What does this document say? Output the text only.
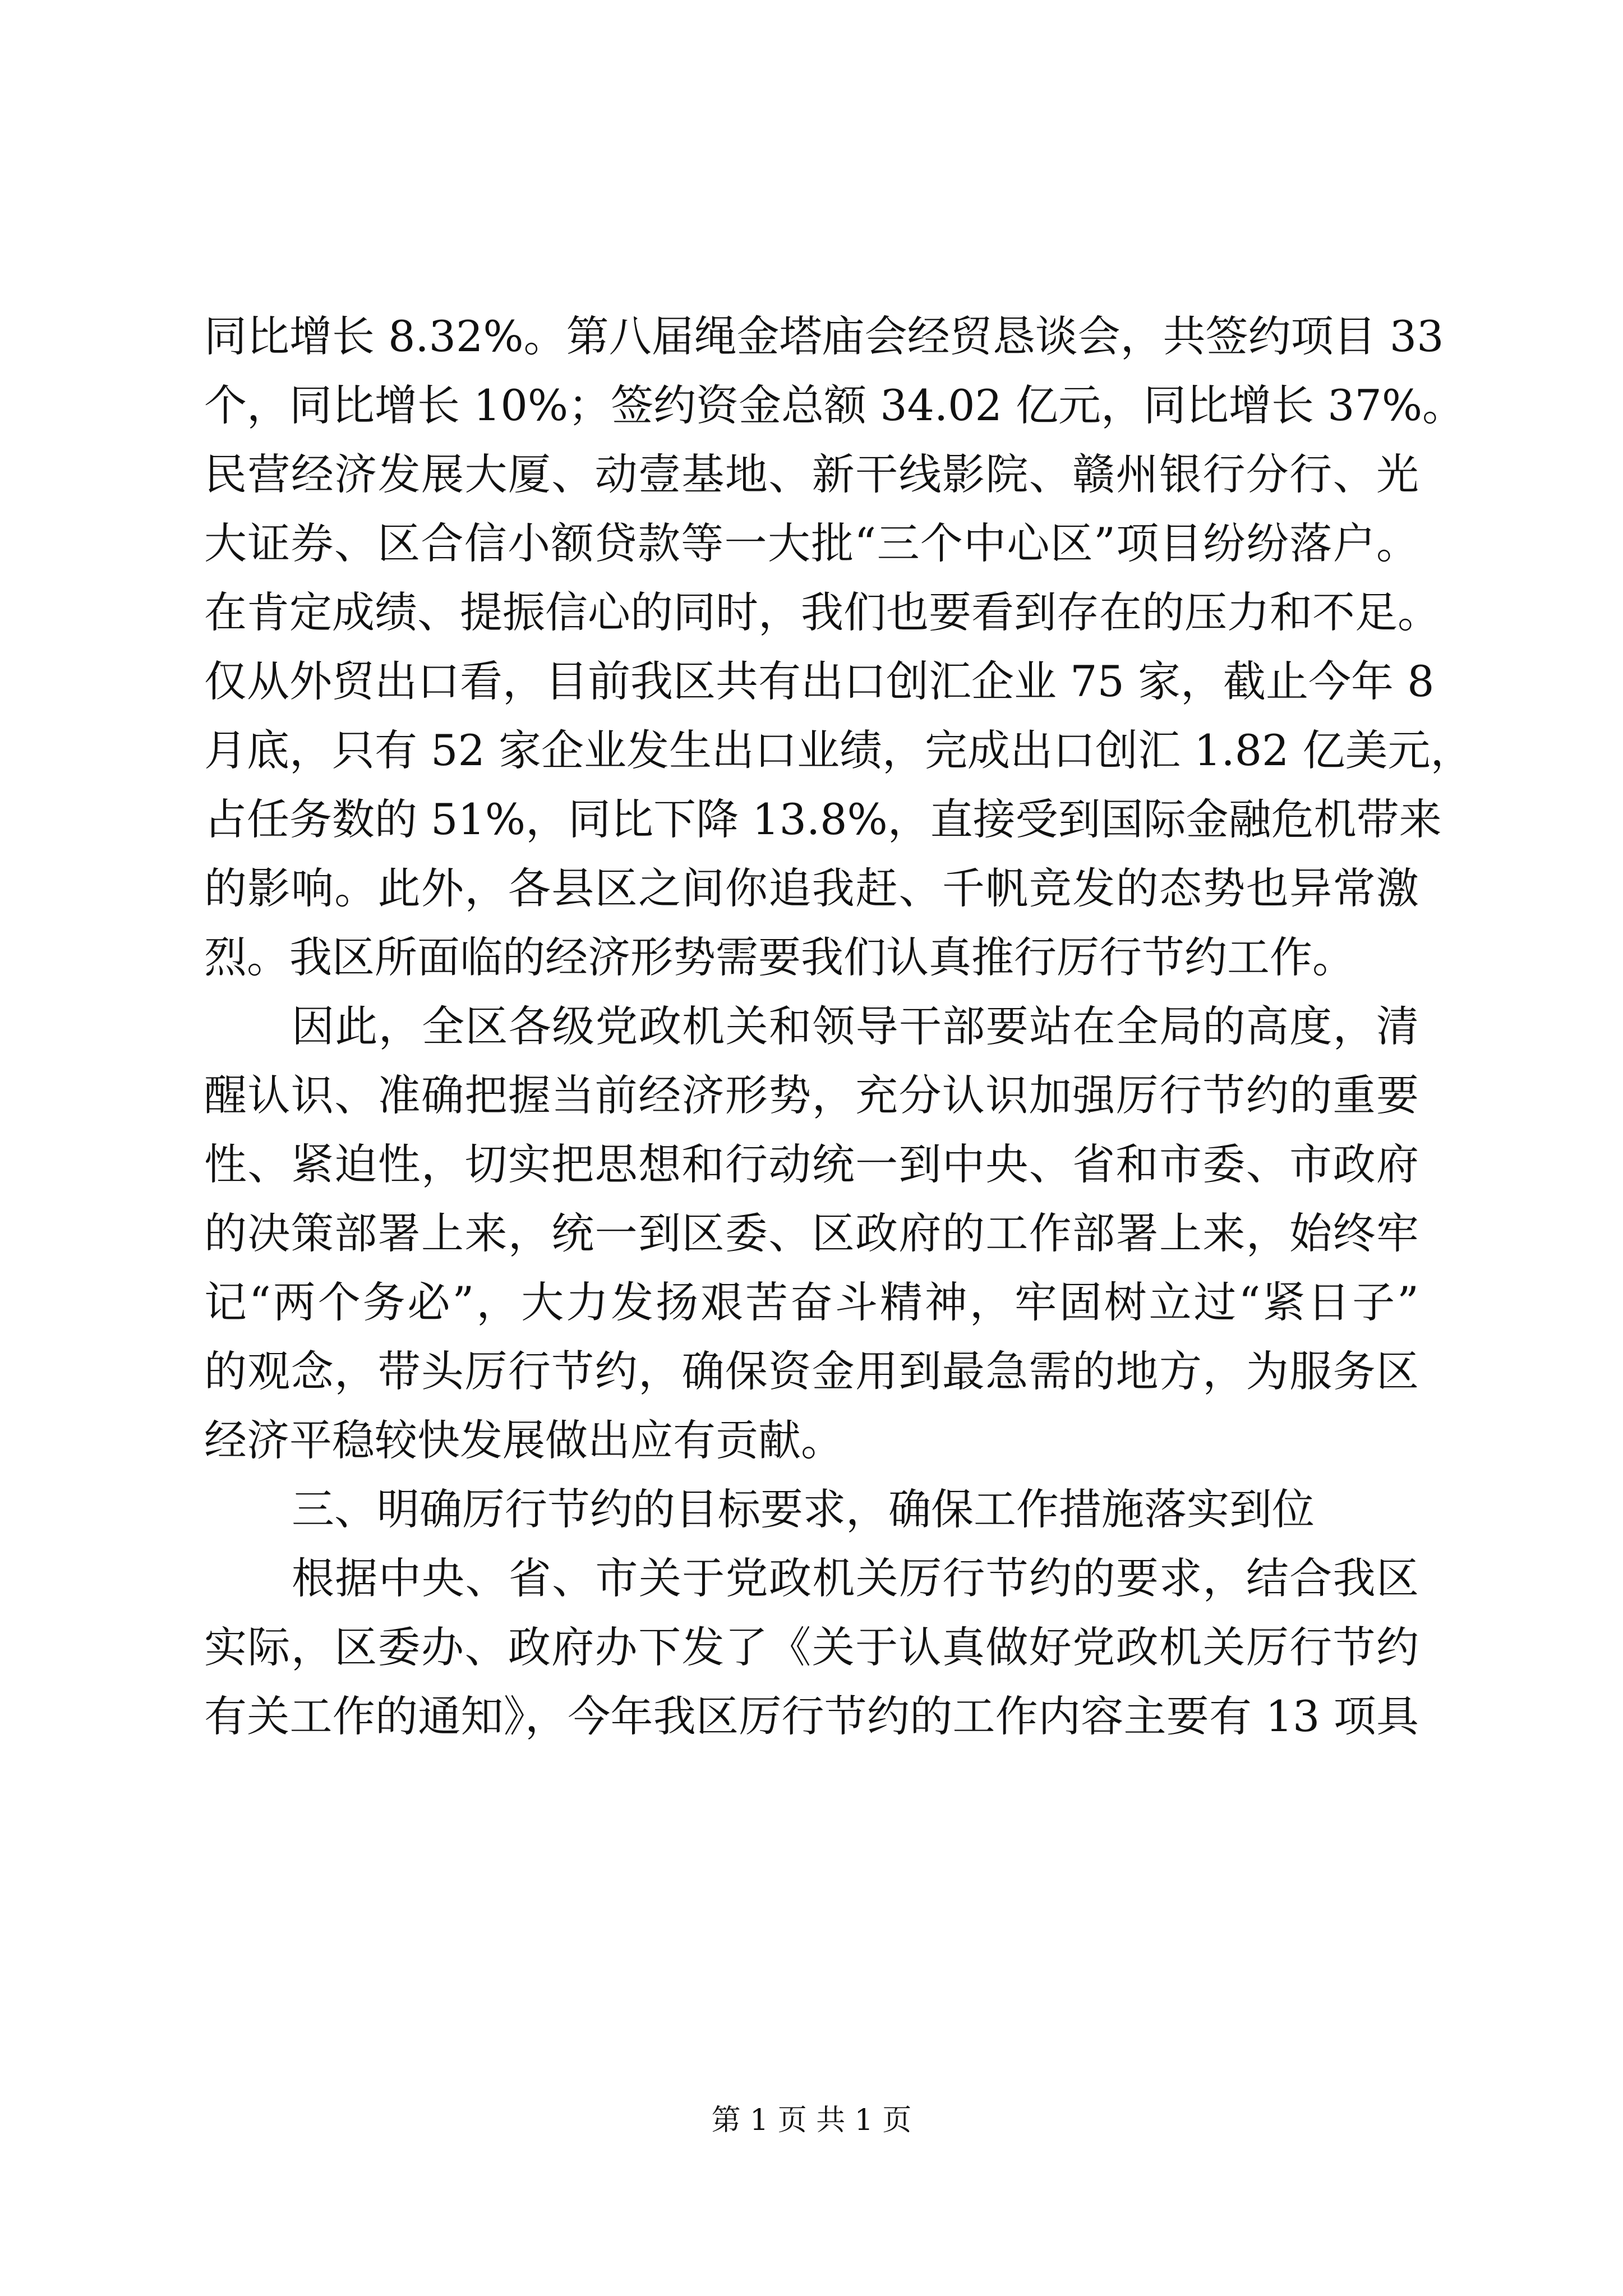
同比增长 8.32%。第八届绳金塔庙会经贸恳谈会，共签约项目 33
个，同比增长 10%；签约资金总额 34.02 亿元，同比增长 37%。
民营经济发展大厦、动壹基地、新干线影院、赣州银行分行、光
大证券、区合信小额贷款等一大批“三个中心区”项目纷纷落户。
在肯定成绩、提振信心的同时，我们也要看到存在的压力和不足。
仅从外贸出口看，目前我区共有出口创汇企业 75 家，截止今年 8
月底，只有 52 家企业发生出口业绩，完成出口创汇 1.82 亿美元，
占任务数的 51%，同比下降 13.8%，直接受到国际金融危机带来
的影响。此外，各县区之间你追我赶、千帆竞发的态势也异常激
烈。我区所面临的经济形势需要我们认真推行厉行节约工作。
因此，全区各级党政机关和领导干部要站在全局的高度，清
醒认识、准确把握当前经济形势，充分认识加强厉行节约的重要
性、紧迫性，切实把思想和行动统一到中央、省和市委、市政府
的决策部署上来，统一到区委、区政府的工作部署上来，始终牢
记“两个务必”，大力发扬艰苦奋斗精神，牢固树立过“紧日子”
的观念，带头厉行节约，确保资金用到最急需的地方，为服务区
经济平稳较快发展做出应有贡献。
三、明确厉行节约的目标要求，确保工作措施落实到位
根据中央、省、市关于党政机关厉行节约的要求，结合我区
实际，区委办、政府办下发了《关于认真做好党政机关厉行节约
有关工作的通知》，今年我区厉行节约的工作内容主要有 13 项具
第 1 页 共 1 页
